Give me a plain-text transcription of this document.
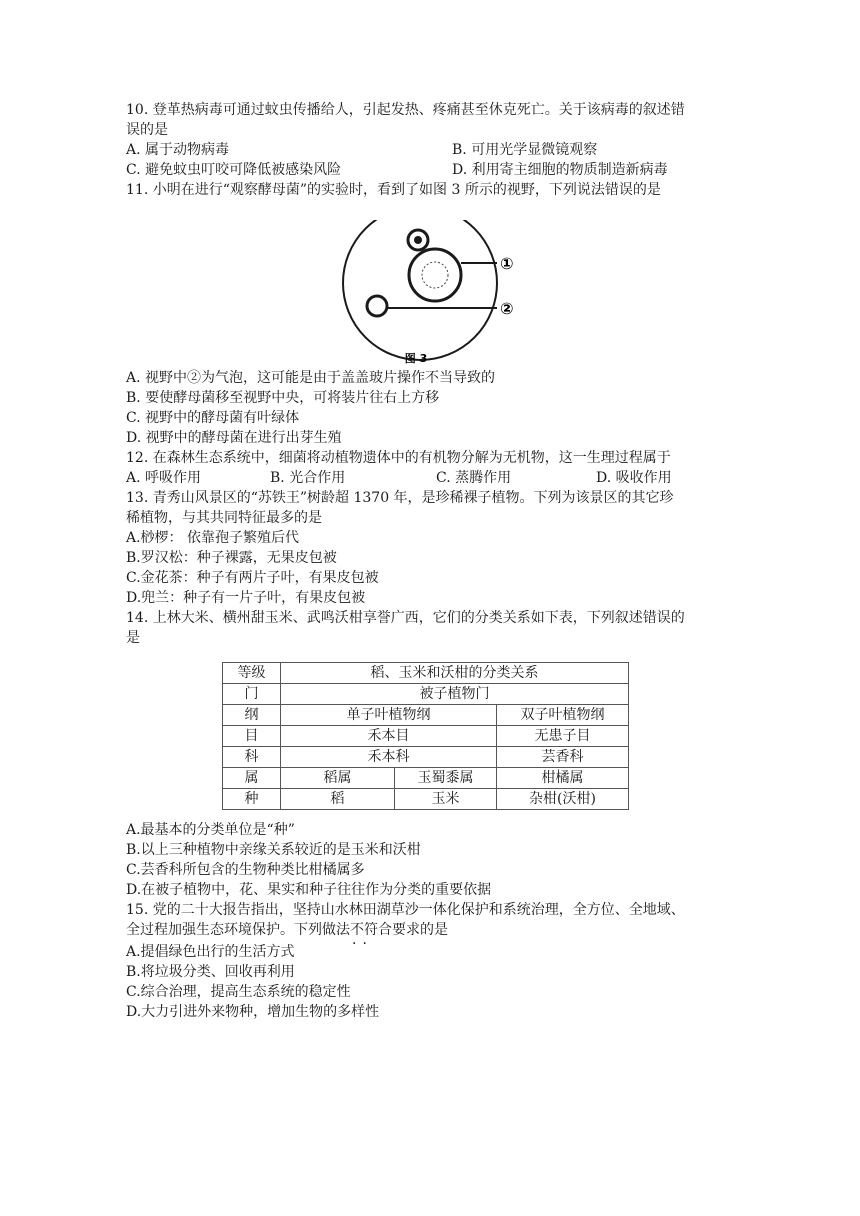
10. 登革热病毒可通过蚊虫传播给人，引起发热、疼痛甚至休克死亡。关于该病毒的叙述错
误的是
A. 属于动物病毒	B. 可用光学显微镜观察
C. 避免蚊虫叮咬可降低被感染风险	D. 利用寄主细胞的物质制造新病毒
11. 小明在进行“观察酵母菌”的实验时，看到了如图 3 所示的视野，下列说法错误的是
①
②
图 3
A. 视野中②为气泡，这可能是由于盖盖玻片操作不当导致的
B. 要使酵母菌移至视野中央，可将装片往右上方移
C. 视野中的酵母菌有叶绿体
D. 视野中的酵母菌在进行出芽生殖
12. 在森林生态系统中，细菌将动植物遗体中的有机物分解为无机物，这一生理过程属于
A. 呼吸作用	B. 光合作用	C. 蒸腾作用	D. 吸收作用
13. 青秀山风景区的“苏铁王”树龄超 1370 年，是珍稀裸子植物。下列为该景区的其它珍
稀植物，与其共同特征最多的是
A.桫椤： 依靠孢子繁殖后代
B.罗汉松：种子裸露，无果皮包被
C.金花茶：种子有两片子叶，有果皮包被
D.兜兰：种子有一片子叶，有果皮包被
14. 上林大米、横州甜玉米、武鸣沃柑享誉广西，它们的分类关系如下表，下列叙述错误的
是
等级	稻、玉米和沃柑的分类关系		
门	被子植物门		
纲	单子叶植物纲		双子叶植物纲
目	禾本目		无患子目
科	禾本科		芸香科
属	稻属	玉蜀黍属	柑橘属
种	稻	玉米	杂柑(沃柑)
A.最基本的分类单位是“种”
B.以上三种植物中亲缘关系较近的是玉米和沃柑
C.芸香科所包含的生物种类比柑橘属多
D.在被子植物中，花、果实和种子往往作为分类的重要依据
15. 党的二十大报告指出，坚持山水林田湖草沙一体化保护和系统治理，全方位、全地域、
全过程加强生态环境保护。下列做法不符合 ··要求的是
A.提倡绿色出行的生活方式
B.将垃圾分类、回收再利用
C.综合治理，提高生态系统的稳定性
D.大力引进外来物种，增加生物的多样性
